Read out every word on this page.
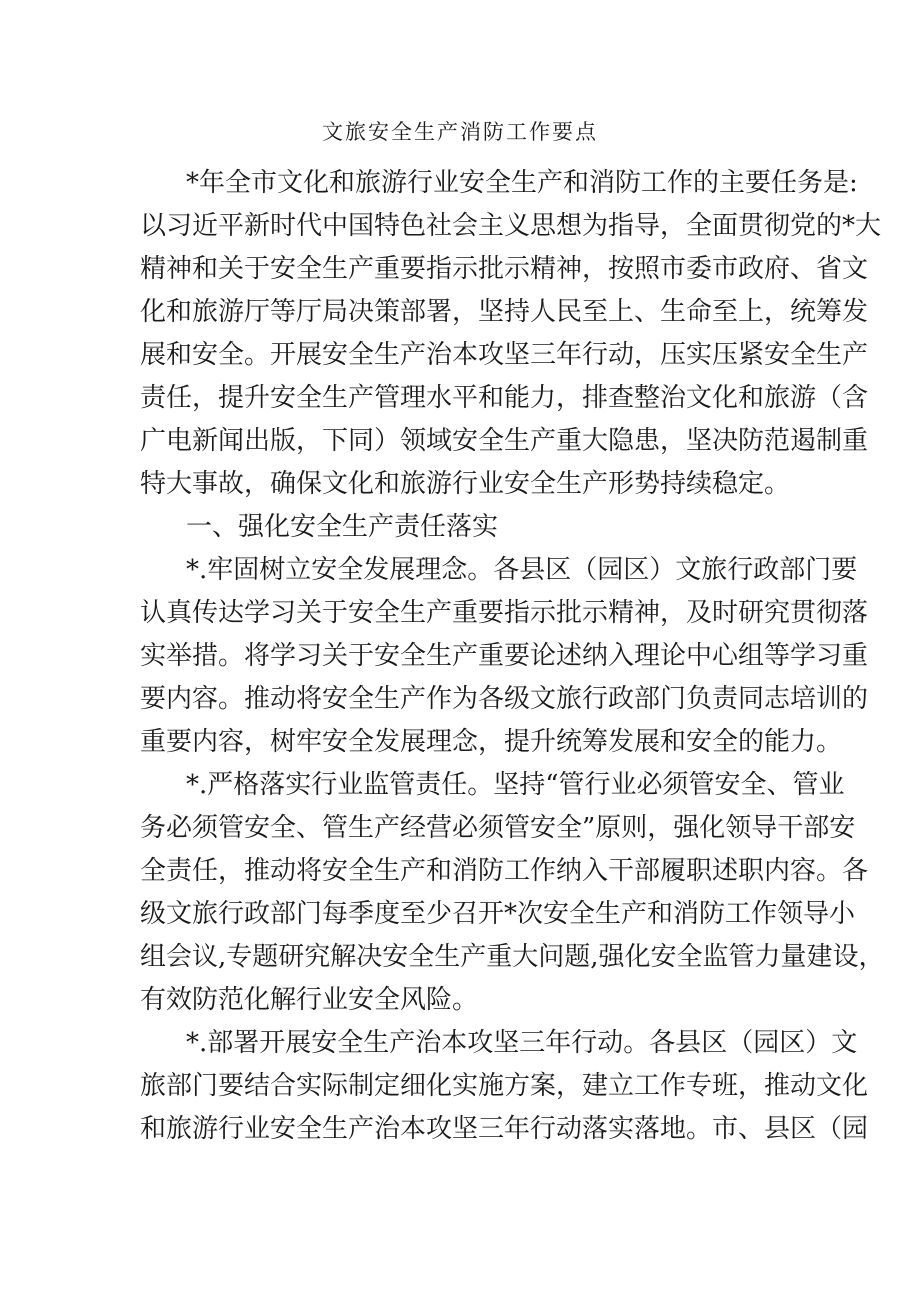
文旅安全生产消防工作要点
*年全市文化和旅游行业安全生产和消防工作的主要任务是:
以习近平新时代中国特色社会主义思想为指导，全面贯彻党的*大
精神和关于安全生产重要指示批示精神，按照市委市政府、省文
化和旅游厅等厅局决策部署，坚持人民至上、生命至上，统筹发
展和安全。开展安全生产治本攻坚三年行动，压实压紧安全生产
责任，提升安全生产管理水平和能力，排查整治文化和旅游（含
广电新闻出版，下同）领域安全生产重大隐患，坚决防范遏制重
特大事故，确保文化和旅游行业安全生产形势持续稳定。
一、强化安全生产责任落实
*.牢固树立安全发展理念。各县区（园区）文旅行政部门要
认真传达学习关于安全生产重要指示批示精神，及时研究贯彻落
实举措。将学习关于安全生产重要论述纳入理论中心组等学习重
要内容。推动将安全生产作为各级文旅行政部门负责同志培训的
重要内容，树牢安全发展理念，提升统筹发展和安全的能力。
*.严格落实行业监管责任。坚持“管行业必须管安全、管业
务必须管安全、管生产经营必须管安全”原则，强化领导干部安
全责任，推动将安全生产和消防工作纳入干部履职述职内容。各
级文旅行政部门每季度至少召开*次安全生产和消防工作领导小
组会议,专题研究解决安全生产重大问题,强化安全监管力量建设，
有效防范化解行业安全风险。
*.部署开展安全生产治本攻坚三年行动。各县区（园区）文
旅部门要结合实际制定细化实施方案，建立工作专班，推动文化
和旅游行业安全生产治本攻坚三年行动落实落地。市、县区（园
